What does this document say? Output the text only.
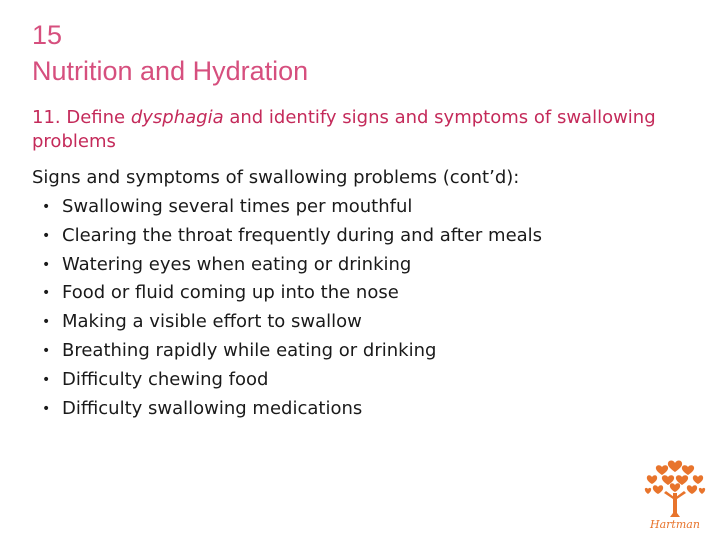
15
Nutrition and Hydration
11. Define dysphagia and identify signs and symptoms of swallowing problems
Signs and symptoms of swallowing problems (cont’d):
• Swallowing several times per mouthful
• Clearing the throat frequently during and after meals
• Watering eyes when eating or drinking
• Food or fluid coming up into the nose
• Making a visible effort to swallow
• Breathing rapidly while eating or drinking
• Difficulty chewing food
• Difficulty swallowing medications
Hartman
